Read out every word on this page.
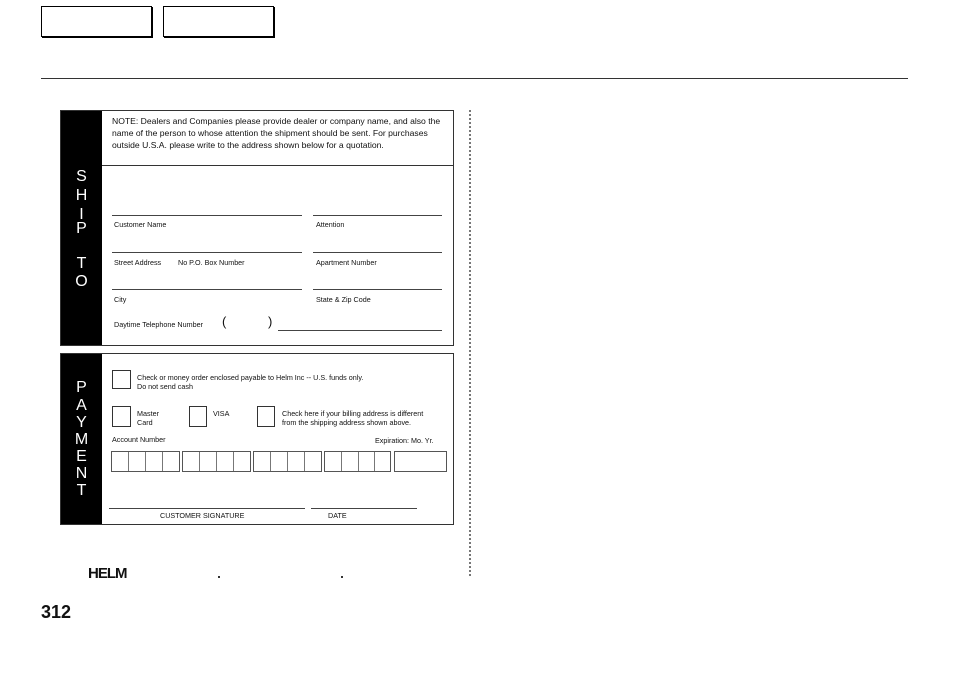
S
H
I
P
T
O
NOTE: Dealers and Companies please provide dealer or company name, and also the name of the person to whose attention the shipment should be sent. For purchases outside U.S.A. please write to the address shown below for a quotation.
Customer Name	Attention
Street Address No P.O. Box Number	Apartment Number
City	State & Zip Code
Daytime Telephone Number (	)
P
A
Y
M
E
N
T
Check or money order enclosed payable to Helm Inc -- U.S. funds only.
Do not send cash
Master
Card
VISA	Check here if your billing address is different
from the shipping address shown above.
Account Number	Expiration: Mo. Yr.
CUSTOMER SIGNATURE	DATE
HELM
312
